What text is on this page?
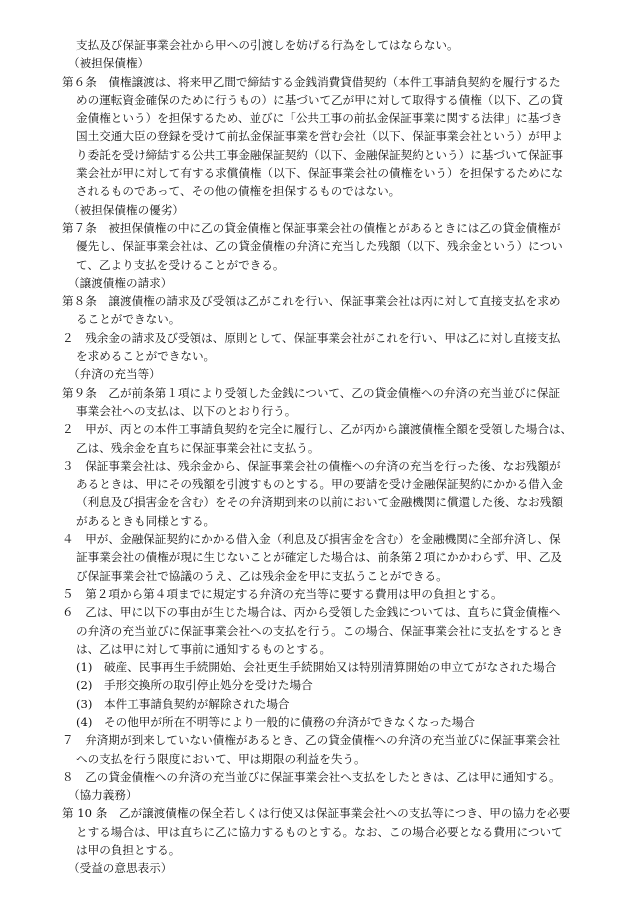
支払及び保証事業会社から甲への引渡しを妨げる行為をしてはならない。
（被担保債権）
第６条　債権譲渡は、将来甲乙間で締結する金銭消費貸借契約（本件工事請負契約を履行するた
めの運転資金確保のために行うもの）に基づいて乙が甲に対して取得する債権（以下、乙の貸
金債権という）を担保するため、並びに「公共工事の前払金保証事業に関する法律」に基づき
国土交通大臣の登録を受けて前払金保証事業を営む会社（以下、保証事業会社という）が甲よ
り委託を受け締結する公共工事金融保証契約（以下、金融保証契約という）に基づいて保証事
業会社が甲に対して有する求償債権（以下、保証事業会社の債権をいう）を担保するためにな
されるものであって、その他の債権を担保するものではない。
（被担保債権の優劣）
第７条　被担保債権の中に乙の貸金債権と保証事業会社の債権とがあるときには乙の貸金債権が
優先し、保証事業会社は、乙の貸金債権の弁済に充当した残額（以下、残余金という）につい
て、乙より支払を受けることができる。
（譲渡債権の請求）
第８条　譲渡債権の請求及び受領は乙がこれを行い、保証事業会社は丙に対して直接支払を求め
ることができない。
２　残余金の請求及び受領は、原則として、保証事業会社がこれを行い、甲は乙に対し直接支払
を求めることができない。
（弁済の充当等）
第９条　乙が前条第１項により受領した金銭について、乙の貸金債権への弁済の充当並びに保証
事業会社への支払は、以下のとおり行う。
２　甲が、丙との本件工事請負契約を完全に履行し、乙が丙から譲渡債権全額を受領した場合は、
乙は、残余金を直ちに保証事業会社に支払う。
３　保証事業会社は、残余金から、保証事業会社の債権への弁済の充当を行った後、なお残額が
あるときは、甲にその残額を引渡すものとする。甲の要請を受け金融保証契約にかかる借入金
（利息及び損害金を含む）をその弁済期到来の以前において金融機関に償還した後、なお残額
があるときも同様とする。
４　甲が、金融保証契約にかかる借入金（利息及び損害金を含む）を金融機関に全部弁済し、保
証事業会社の債権が現に生じないことが確定した場合は、前条第２項にかかわらず、甲、乙及
び保証事業会社で協議のうえ、乙は残余金を甲に支払うことができる。
５　第２項から第４項までに規定する弁済の充当等に要する費用は甲の負担とする。
６　乙は、甲に以下の事由が生じた場合は、丙から受領した金銭については、直ちに貸金債権へ
の弁済の充当並びに保証事業会社への支払を行う。この場合、保証事業会社に支払をするとき
は、乙は甲に対して事前に通知するものとする。
(1)　破産、民事再生手続開始、会社更生手続開始又は特別清算開始の申立てがなされた場合
(2)　手形交換所の取引停止処分を受けた場合
(3)　本件工事請負契約が解除された場合
(4)　その他甲が所在不明等により一般的に債務の弁済ができなくなった場合
７　弁済期が到来していない債権があるとき、乙の貸金債権への弁済の充当並びに保証事業会社
への支払を行う限度において、甲は期限の利益を失う。
８　乙の貸金債権への弁済の充当並びに保証事業会社へ支払をしたときは、乙は甲に通知する。
（協力義務）
第 10 条　乙が譲渡債権の保全若しくは行使又は保証事業会社への支払等につき、甲の協力を必要
とする場合は、甲は直ちに乙に協力するものとする。なお、この場合必要となる費用について
は甲の負担とする。
（受益の意思表示）
